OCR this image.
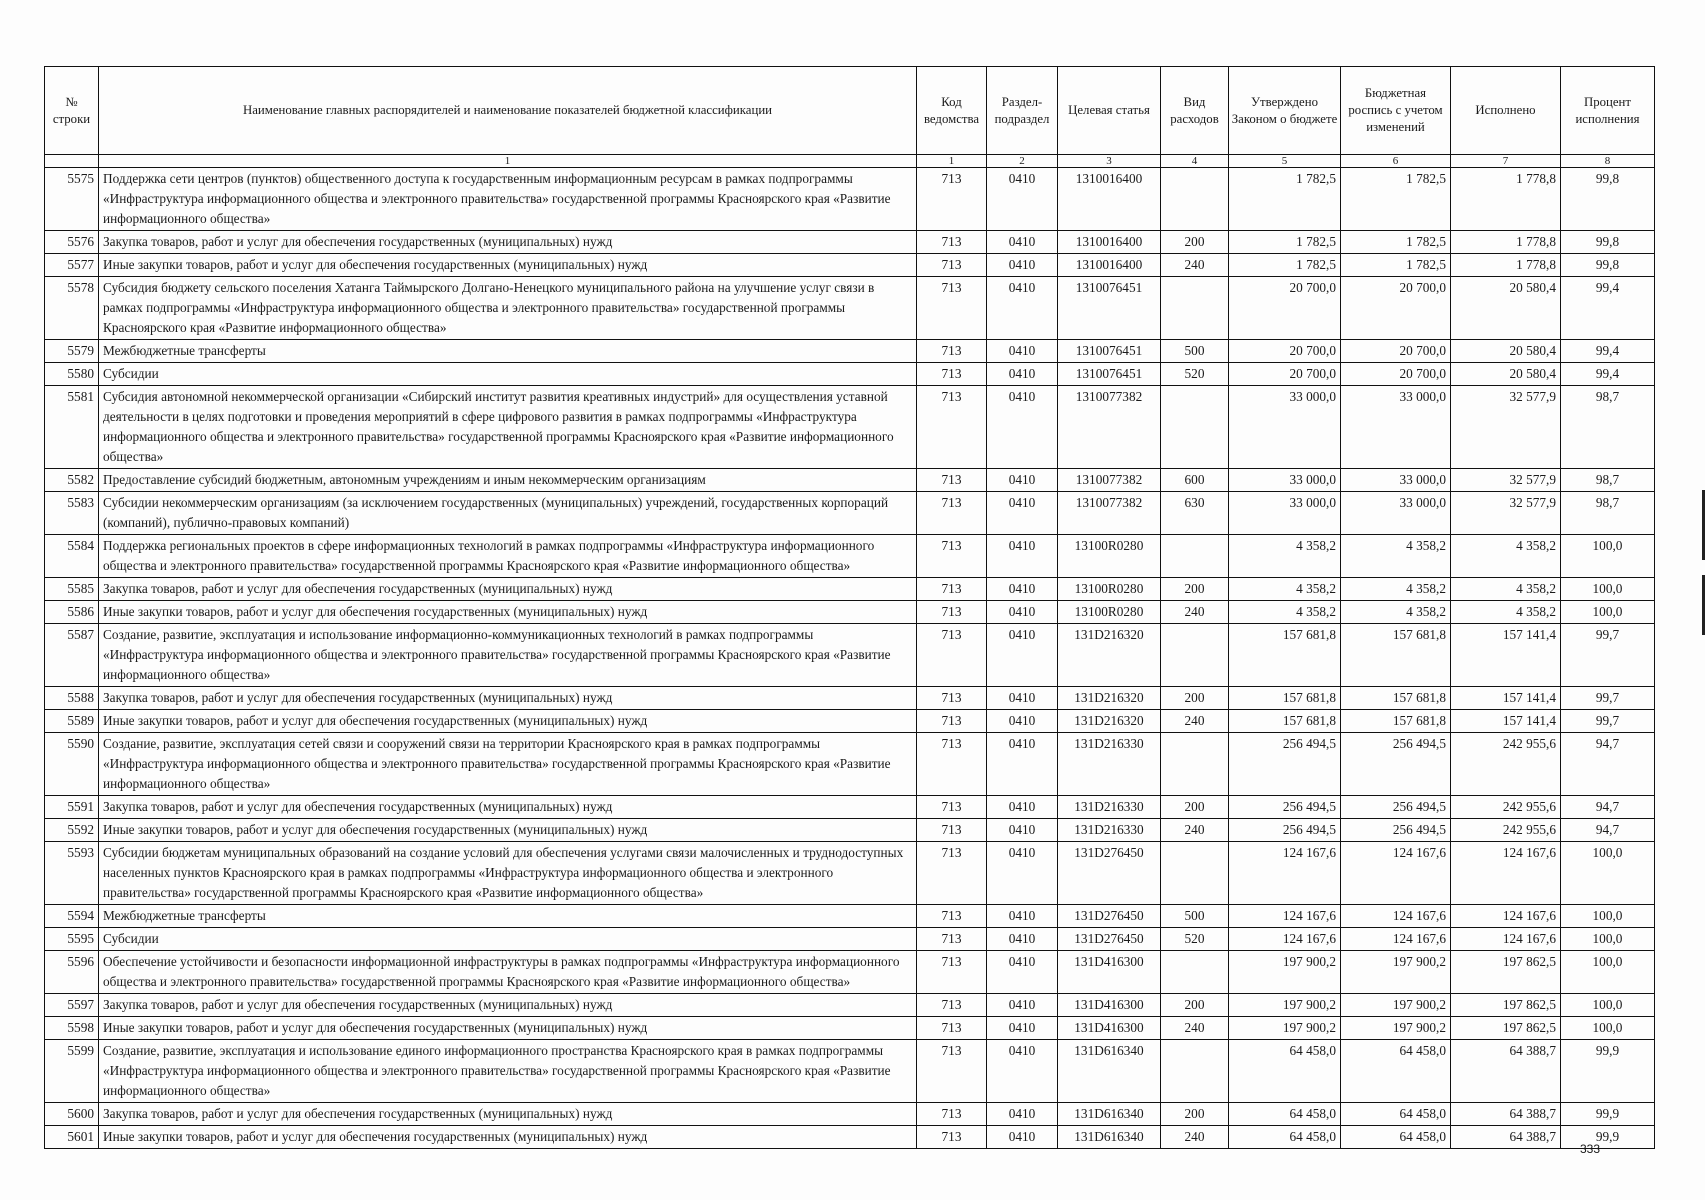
№ строки	Наименование главных распорядителей и наименование показателей бюджетной классификации	Код ведомства	Раздел-подраздел	Целевая статья	Вид расходов	Утверждено Законом о бюджете	Бюджетная роспись с учетом изменений	Исполнено	Процент исполнения
	1	1	2	3	4	5	6	7	8
5575	Поддержка сети центров (пунктов) общественного доступа к государственным информационным ресурсам в рамках подпрограммы «Инфраструктура информационного общества и электронного правительства» государственной программы Красноярского края «Развитие информационного общества»	713	0410	1310016400		1 782,5	1 782,5	1 778,8	99,8
5576	Закупка товаров, работ и услуг для обеспечения государственных (муниципальных) нужд	713	0410	1310016400	200	1 782,5	1 782,5	1 778,8	99,8
5577	Иные закупки товаров, работ и услуг для обеспечения государственных (муниципальных) нужд	713	0410	1310016400	240	1 782,5	1 782,5	1 778,8	99,8
5578	Субсидия бюджету сельского поселения Хатанга Таймырского Долгано-Ненецкого муниципального района на улучшение услуг связи в рамках подпрограммы «Инфраструктура информационного общества и электронного правительства» государственной программы Красноярского края «Развитие информационного общества»	713	0410	1310076451		20 700,0	20 700,0	20 580,4	99,4
5579	Межбюджетные трансферты	713	0410	1310076451	500	20 700,0	20 700,0	20 580,4	99,4
5580	Субсидии	713	0410	1310076451	520	20 700,0	20 700,0	20 580,4	99,4
5581	Субсидия автономной некоммерческой организации «Сибирский институт развития креативных индустрий» для осуществления уставной деятельности в целях подготовки и проведения мероприятий в сфере цифрового развития в рамках подпрограммы «Инфраструктура информационного общества и электронного правительства» государственной программы Красноярского края «Развитие информационного общества»	713	0410	1310077382		33 000,0	33 000,0	32 577,9	98,7
5582	Предоставление субсидий бюджетным, автономным учреждениям и иным некоммерческим организациям	713	0410	1310077382	600	33 000,0	33 000,0	32 577,9	98,7
5583	Субсидии некоммерческим организациям (за исключением государственных (муниципальных) учреждений, государственных корпораций (компаний), публично-правовых компаний)	713	0410	1310077382	630	33 000,0	33 000,0	32 577,9	98,7
5584	Поддержка региональных проектов в сфере информационных технологий в рамках подпрограммы «Инфраструктура информационного общества и электронного правительства» государственной программы Красноярского края «Развитие информационного общества»	713	0410	13100R0280		4 358,2	4 358,2	4 358,2	100,0
5585	Закупка товаров, работ и услуг для обеспечения государственных (муниципальных) нужд	713	0410	13100R0280	200	4 358,2	4 358,2	4 358,2	100,0
5586	Иные закупки товаров, работ и услуг для обеспечения государственных (муниципальных) нужд	713	0410	13100R0280	240	4 358,2	4 358,2	4 358,2	100,0
5587	Создание, развитие, эксплуатация и использование информационно-коммуникационных технологий в рамках подпрограммы «Инфраструктура информационного общества и электронного правительства» государственной программы Красноярского края «Развитие информационного общества»	713	0410	131D216320		157 681,8	157 681,8	157 141,4	99,7
5588	Закупка товаров, работ и услуг для обеспечения государственных (муниципальных) нужд	713	0410	131D216320	200	157 681,8	157 681,8	157 141,4	99,7
5589	Иные закупки товаров, работ и услуг для обеспечения государственных (муниципальных) нужд	713	0410	131D216320	240	157 681,8	157 681,8	157 141,4	99,7
5590	Создание, развитие, эксплуатация сетей связи и сооружений связи на территории Красноярского края в рамках подпрограммы «Инфраструктура информационного общества и электронного правительства» государственной программы Красноярского края «Развитие информационного общества»	713	0410	131D216330		256 494,5	256 494,5	242 955,6	94,7
5591	Закупка товаров, работ и услуг для обеспечения государственных (муниципальных) нужд	713	0410	131D216330	200	256 494,5	256 494,5	242 955,6	94,7
5592	Иные закупки товаров, работ и услуг для обеспечения государственных (муниципальных) нужд	713	0410	131D216330	240	256 494,5	256 494,5	242 955,6	94,7
5593	Субсидии бюджетам муниципальных образований на создание условий для обеспечения услугами связи малочисленных и труднодоступных населенных пунктов Красноярского края в рамках подпрограммы «Инфраструктура информационного общества и электронного правительства» государственной программы Красноярского края «Развитие информационного общества»	713	0410	131D276450		124 167,6	124 167,6	124 167,6	100,0
5594	Межбюджетные трансферты	713	0410	131D276450	500	124 167,6	124 167,6	124 167,6	100,0
5595	Субсидии	713	0410	131D276450	520	124 167,6	124 167,6	124 167,6	100,0
5596	Обеспечение устойчивости и безопасности информационной инфраструктуры в рамках подпрограммы «Инфраструктура информационного общества и электронного правительства» государственной программы Красноярского края «Развитие информационного общества»	713	0410	131D416300		197 900,2	197 900,2	197 862,5	100,0
5597	Закупка товаров, работ и услуг для обеспечения государственных (муниципальных) нужд	713	0410	131D416300	200	197 900,2	197 900,2	197 862,5	100,0
5598	Иные закупки товаров, работ и услуг для обеспечения государственных (муниципальных) нужд	713	0410	131D416300	240	197 900,2	197 900,2	197 862,5	100,0
5599	Создание, развитие, эксплуатация и использование единого информационного пространства Красноярского края в рамках подпрограммы «Инфраструктура информационного общества и электронного правительства» государственной программы Красноярского края «Развитие информационного общества»	713	0410	131D616340		64 458,0	64 458,0	64 388,7	99,9
5600	Закупка товаров, работ и услуг для обеспечения государственных (муниципальных) нужд	713	0410	131D616340	200	64 458,0	64 458,0	64 388,7	99,9
5601	Иные закупки товаров, работ и услуг для обеспечения государственных (муниципальных) нужд	713	0410	131D616340	240	64 458,0	64 458,0	64 388,7	99,9
333
